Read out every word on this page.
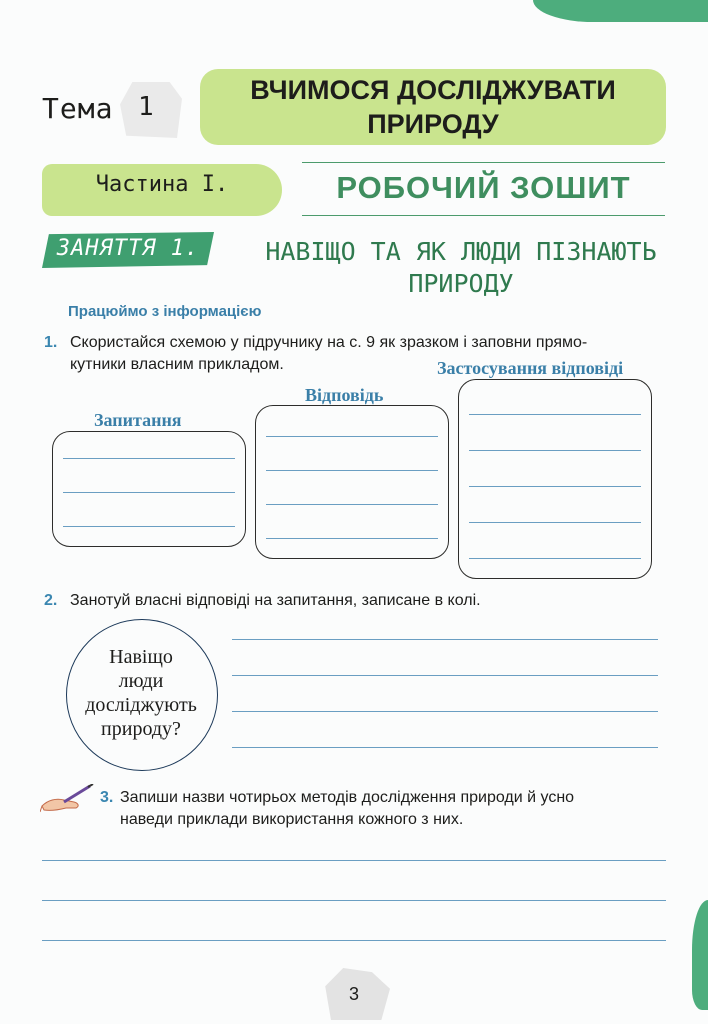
Тема 1
ВЧИМОСЯ ДОСЛІДЖУВАТИ
ПРИРОДУ
Частина І.	РОБОЧИЙ ЗОШИТ
ЗАНЯТТЯ 1.	НАВІЩО ТА ЯК ЛЮДИ ПІЗНАЮТЬ
ПРИРОДУ
Працюймо з інформацією
1. Скористайся схемою у підручнику на с. 9 як зразком і заповни прямо-
кутники власним прикладом.
Запитання
Відповідь
Застосування відповіді
2. Занотуй власні відповіді на запитання, записане в колі.
Навіщо
люди
досліджують
природу?
3. Запиши назви чотирьох методів дослідження природи й усно
наведи приклади використання кожного з них.
3
